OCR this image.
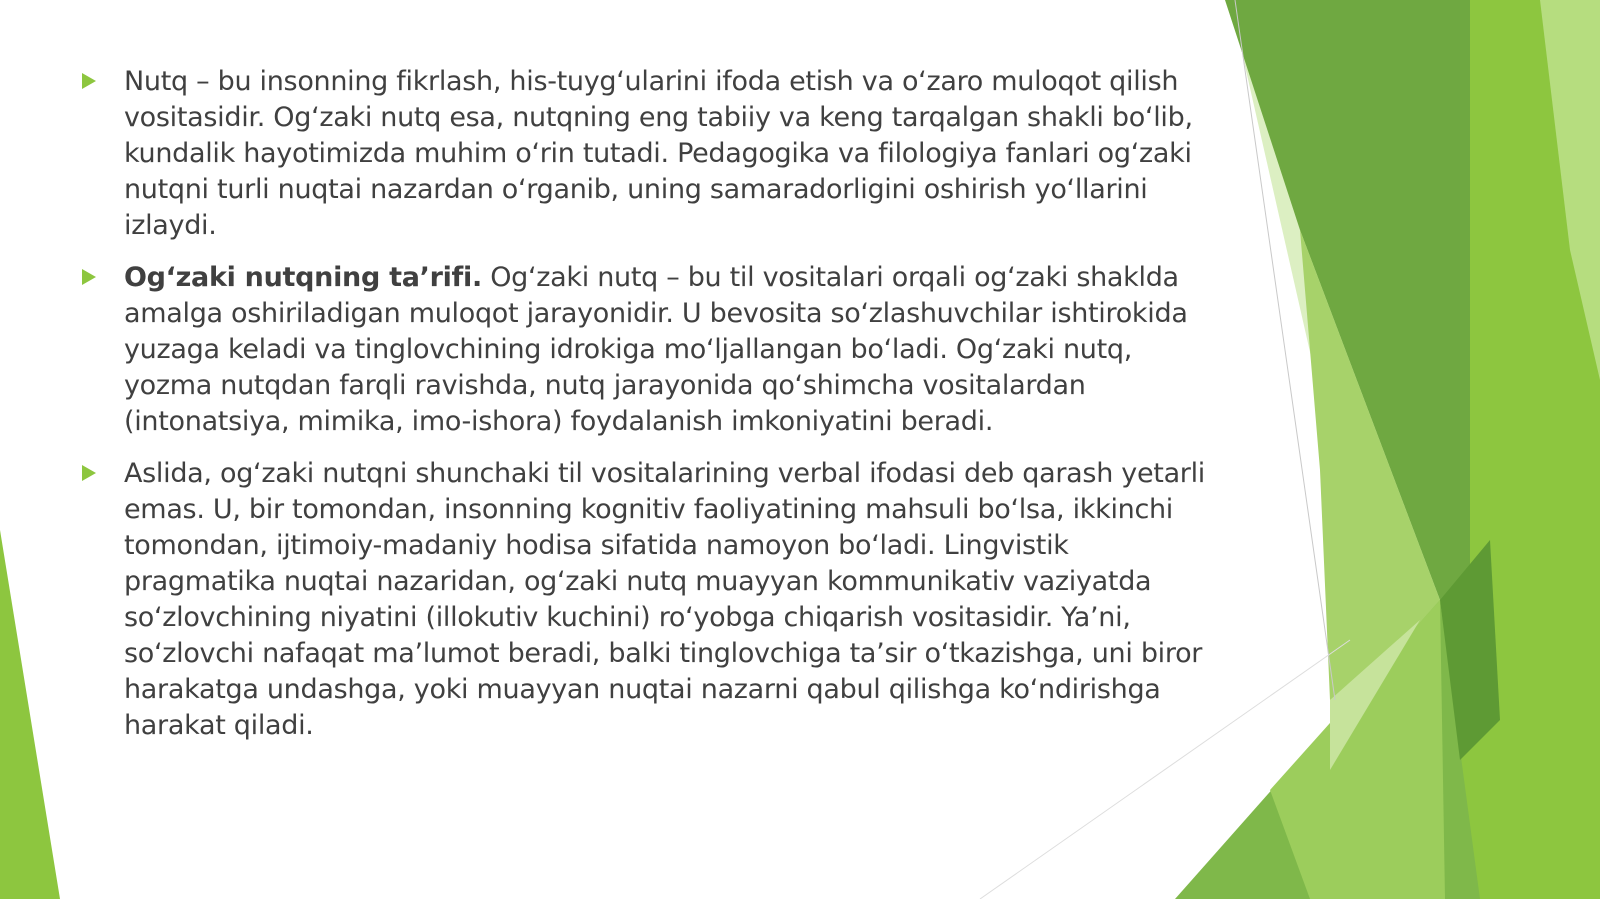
Nutq – bu insonning fikrlash, his-tuyg‘ularini ifoda etish va o‘zaro muloqot qilish vositasidir. Og‘zaki nutq esa, nutqning eng tabiiy va keng tarqalgan shakli bo‘lib, kundalik hayotimizda muhim o‘rin tutadi. Pedagogika va filologiya fanlari og‘zaki nutqni turli nuqtai nazardan o‘rganib, uning samaradorligini oshirish yo‘llarini izlaydi.
Og‘zaki nutqning ta’rifi. Og‘zaki nutq – bu til vositalari orqali og‘zaki shaklda amalga oshiriladigan muloqot jarayonidir. U bevosita so‘zlashuvchilar ishtirokida yuzaga keladi va tinglovchining idrokiga mo‘ljallangan bo‘ladi. Og‘zaki nutq, yozma nutqdan farqli ravishda, nutq jarayonida qo‘shimcha vositalardan (intonatsiya, mimika, imo-ishora) foydalanish imkoniyatini beradi.
Aslida, og‘zaki nutqni shunchaki til vositalarining verbal ifodasi deb qarash yetarli emas. U, bir tomondan, insonning kognitiv faoliyatining mahsuli bo‘lsa, ikkinchi tomondan, ijtimoiy-madaniy hodisa sifatida namoyon bo‘ladi. Lingvistik pragmatika nuqtai nazaridan, og‘zaki nutq muayyan kommunikativ vaziyatda so‘zlovchining niyatini (illokutiv kuchini) ro‘yobga chiqarish vositasidir. Ya’ni, so‘zlovchi nafaqat ma’lumot beradi, balki tinglovchiga ta’sir o‘tkazishga, uni biror harakatga undashga, yoki muayyan nuqtai nazarni qabul qilishga ko‘ndirishga harakat qiladi.
